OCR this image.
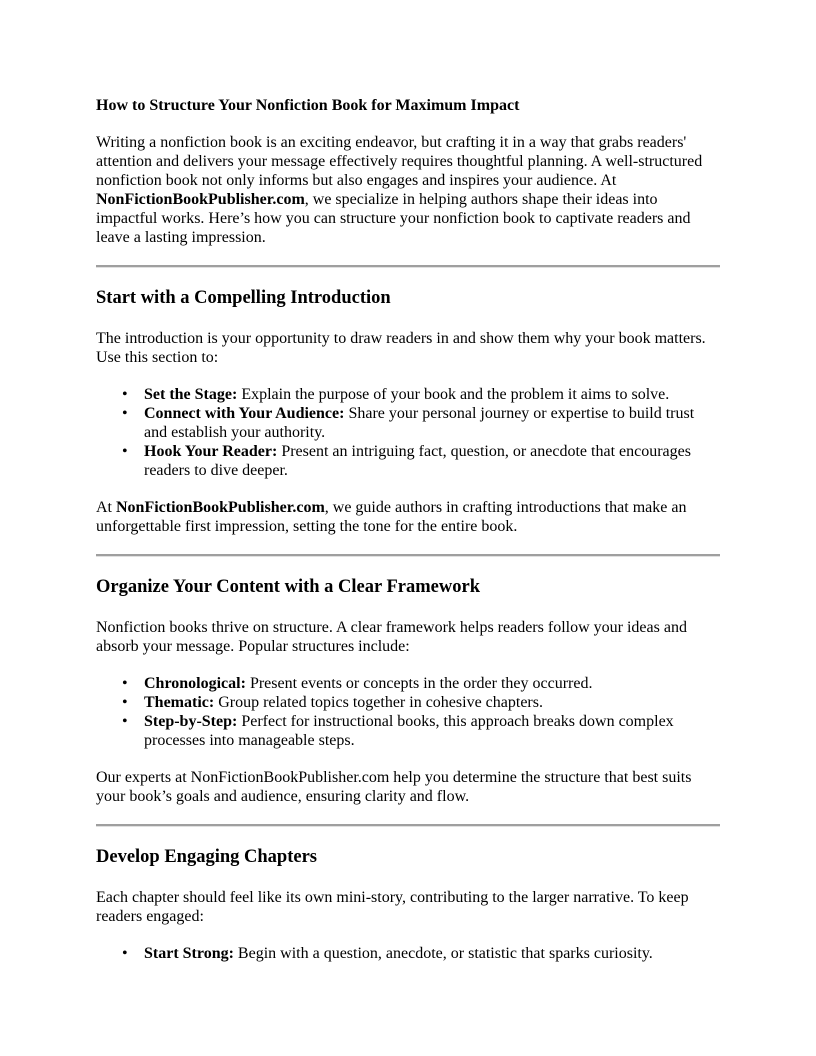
How to Structure Your Nonfiction Book for Maximum Impact

Writing a nonfiction book is an exciting endeavor, but crafting it in a way that grabs readers' attention and delivers your message effectively requires thoughtful planning. A well-structured nonfiction book not only informs but also engages and inspires your audience. At NonFictionBookPublisher.com, we specialize in helping authors shape their ideas into impactful works. Here’s how you can structure your nonfiction book to captivate readers and leave a lasting impression.

Start with a Compelling Introduction

The introduction is your opportunity to draw readers in and show them why your book matters. Use this section to:

• Set the Stage: Explain the purpose of your book and the problem it aims to solve.
• Connect with Your Audience: Share your personal journey or expertise to build trust and establish your authority.
• Hook Your Reader: Present an intriguing fact, question, or anecdote that encourages readers to dive deeper.

At NonFictionBookPublisher.com, we guide authors in crafting introductions that make an unforgettable first impression, setting the tone for the entire book.

Organize Your Content with a Clear Framework

Nonfiction books thrive on structure. A clear framework helps readers follow your ideas and absorb your message. Popular structures include:

• Chronological: Present events or concepts in the order they occurred.
• Thematic: Group related topics together in cohesive chapters.
• Step-by-Step: Perfect for instructional books, this approach breaks down complex processes into manageable steps.

Our experts at NonFictionBookPublisher.com help you determine the structure that best suits your book’s goals and audience, ensuring clarity and flow.

Develop Engaging Chapters

Each chapter should feel like its own mini-story, contributing to the larger narrative. To keep readers engaged:

• Start Strong: Begin with a question, anecdote, or statistic that sparks curiosity.
